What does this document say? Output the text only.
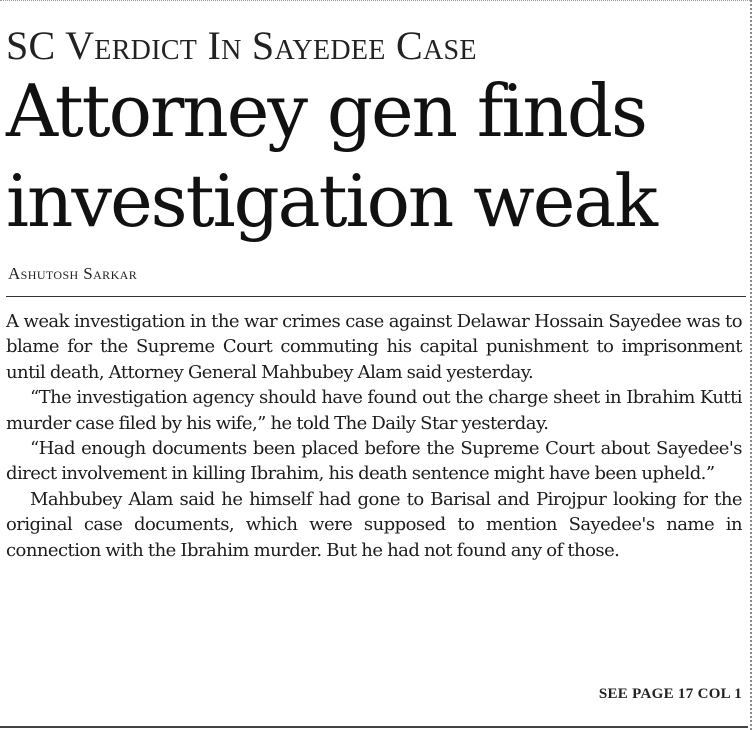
SC Verdict In Sayedee Case
Attorney gen finds investigation weak
Ashutosh Sarkar

A weak investigation in the war crimes case against Delawar Hossain Sayedee was to blame for the Supreme Court commuting his capital punishment to imprisonment until death, Attorney General Mahbubey Alam said yesterday.

“The investigation agency should have found out the charge sheet in Ibrahim Kutti murder case filed by his wife,” he told The Daily Star yesterday.

“Had enough documents been placed before the Supreme Court about Sayedee's direct involvement in killing Ibrahim, his death sentence might have been upheld.”

Mahbubey Alam said he himself had gone to Barisal and Pirojpur looking for the original case documents, which were supposed to mention Sayedee's name in connection with the Ibrahim murder. But he had not found any of those.

SEE PAGE 17 COL 1
